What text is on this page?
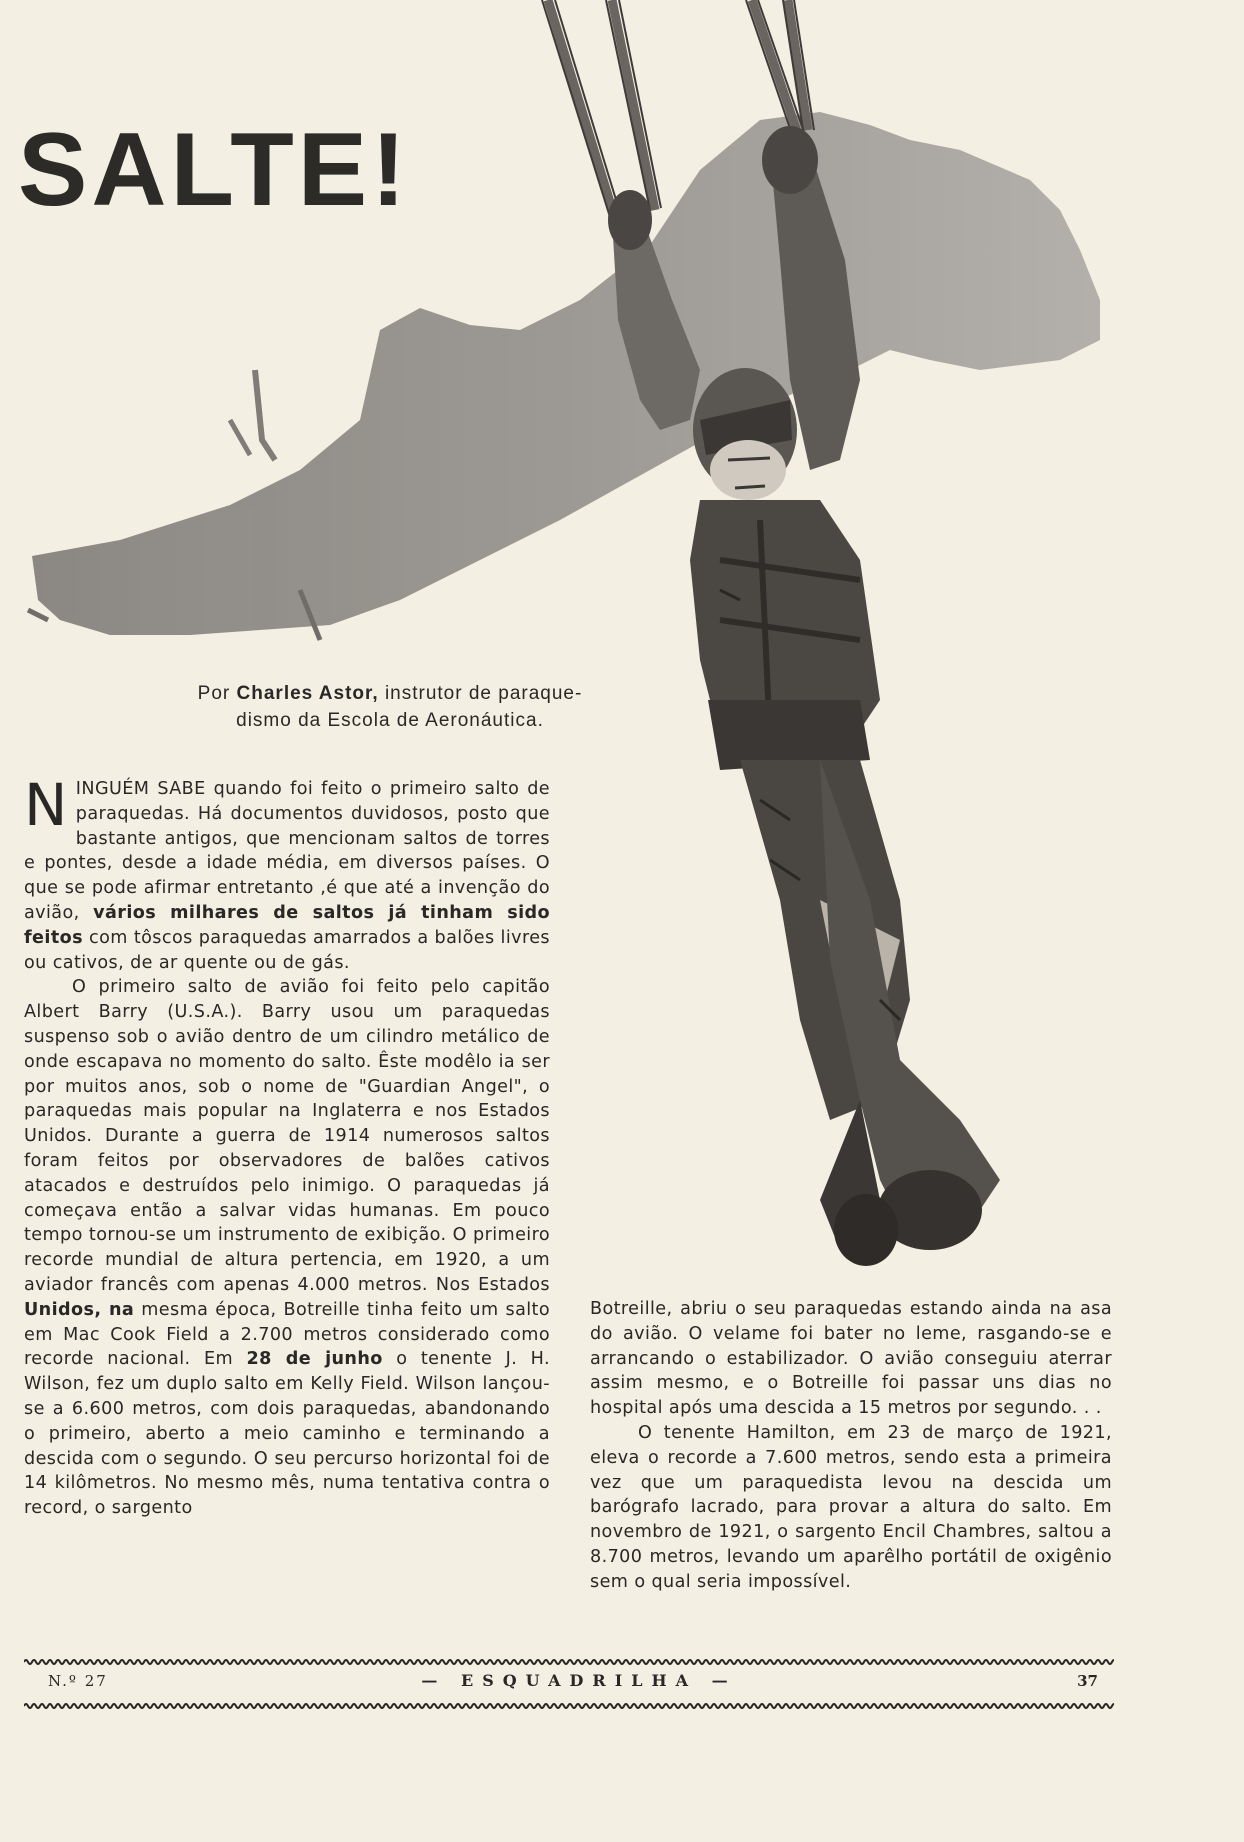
SALTE!
Por Charles Astor, instrutor de paraque-
dismo da Escola de Aeronáutica.

N INGUÉM SABE quando foi feito o primeiro salto de paraquedas. Há documentos duvidosos, posto que bastante antigos, que mencionam saltos de torres e pontes, desde a idade média, em diversos países. O que se pode afirmar entretanto ,é que até a invenção do avião, vários milhares de saltos já tinham sido feitos com tôscos paraquedas amarrados a balões livres ou cativos, de ar quente ou de gás.

O primeiro salto de avião foi feito pelo capitão Albert Barry (U.S.A.). Barry usou um paraquedas suspenso sob o avião dentro de um cilindro metálico de onde escapava no momento do salto. Êste modêlo ia ser por muitos anos, sob o nome de "Guardian Angel", o paraquedas mais popular na Inglaterra e nos Estados Unidos. Durante a guerra de 1914 numerosos saltos foram feitos por observadores de balões cativos atacados e destruídos pelo inimigo. O paraquedas já começava então a salvar vidas humanas. Em pouco tempo tornou-se um instrumento de exibição. O primeiro recorde mundial de altura pertencia, em 1920, a um aviador francês com apenas 4.000 metros. Nos Estados Unidos, na mesma época, Botreille tinha feito um salto em Mac Cook Field a 2.700 metros considerado como recorde nacional. Em 28 de junho o tenente J. H. Wilson, fez um duplo salto em Kelly Field. Wilson lançou-se a 6.600 metros, com dois paraquedas, abandonando o primeiro, aberto a meio caminho e terminando a descida com o segundo. O seu percurso horizontal foi de 14 kilômetros. No mesmo mês, numa tentativa contra o record, o sargento

Botreille, abriu o seu paraquedas estando ainda na asa do avião. O velame foi bater no leme, rasgando-se e arrancando o estabilizador. O avião conseguiu aterrar assim mesmo, e o Botreille foi passar uns dias no hospital após uma descida a 15 metros por segundo. . .

O tenente Hamilton, em 23 de março de 1921, eleva o recorde a 7.600 metros, sendo esta a primeira vez que um paraquedista levou na descida um barógrafo lacrado, para provar a altura do salto. Em novembro de 1921, o sargento Encil Chambres, saltou a 8.700 metros, levando um aparêlho portátil de oxigênio sem o qual seria impossível.

N.º 27	— ESQUADRILHA —	37
